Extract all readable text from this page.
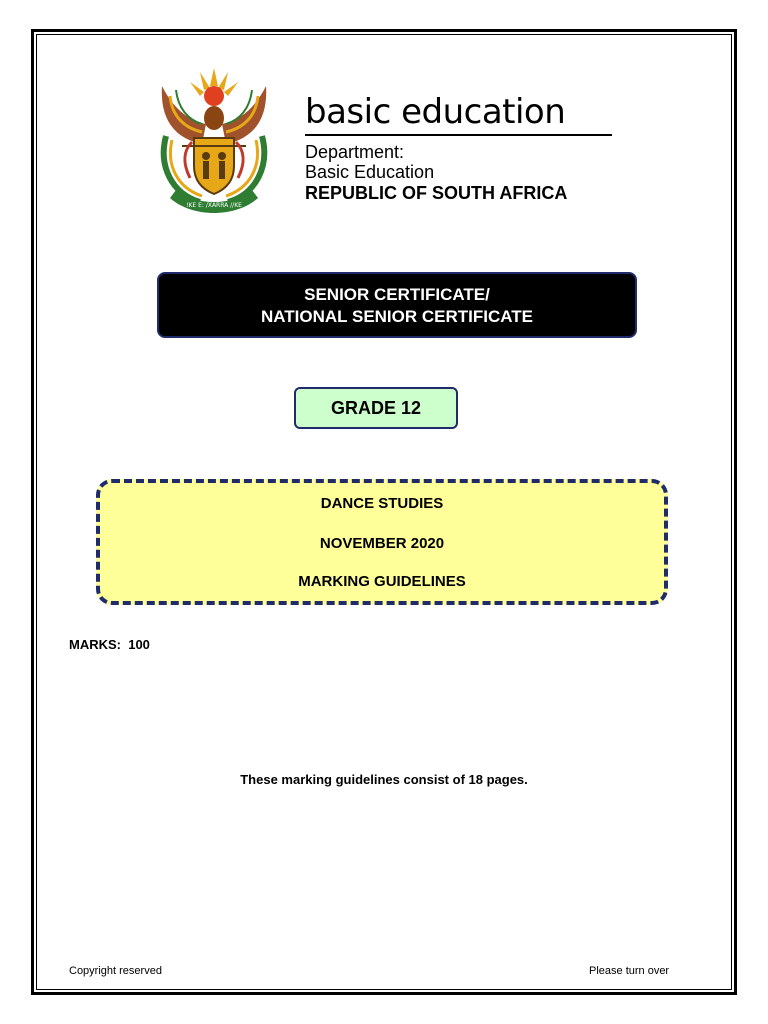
!KE E: /XARRA //KE
basic education
Department:
Basic Education
REPUBLIC OF SOUTH AFRICA
SENIOR CERTIFICATE/
NATIONAL SENIOR CERTIFICATE
GRADE 12
DANCE STUDIES
NOVEMBER 2020
MARKING GUIDELINES
MARKS:  100
These marking guidelines consist of 18 pages.
Copyright reserved	Please turn over
